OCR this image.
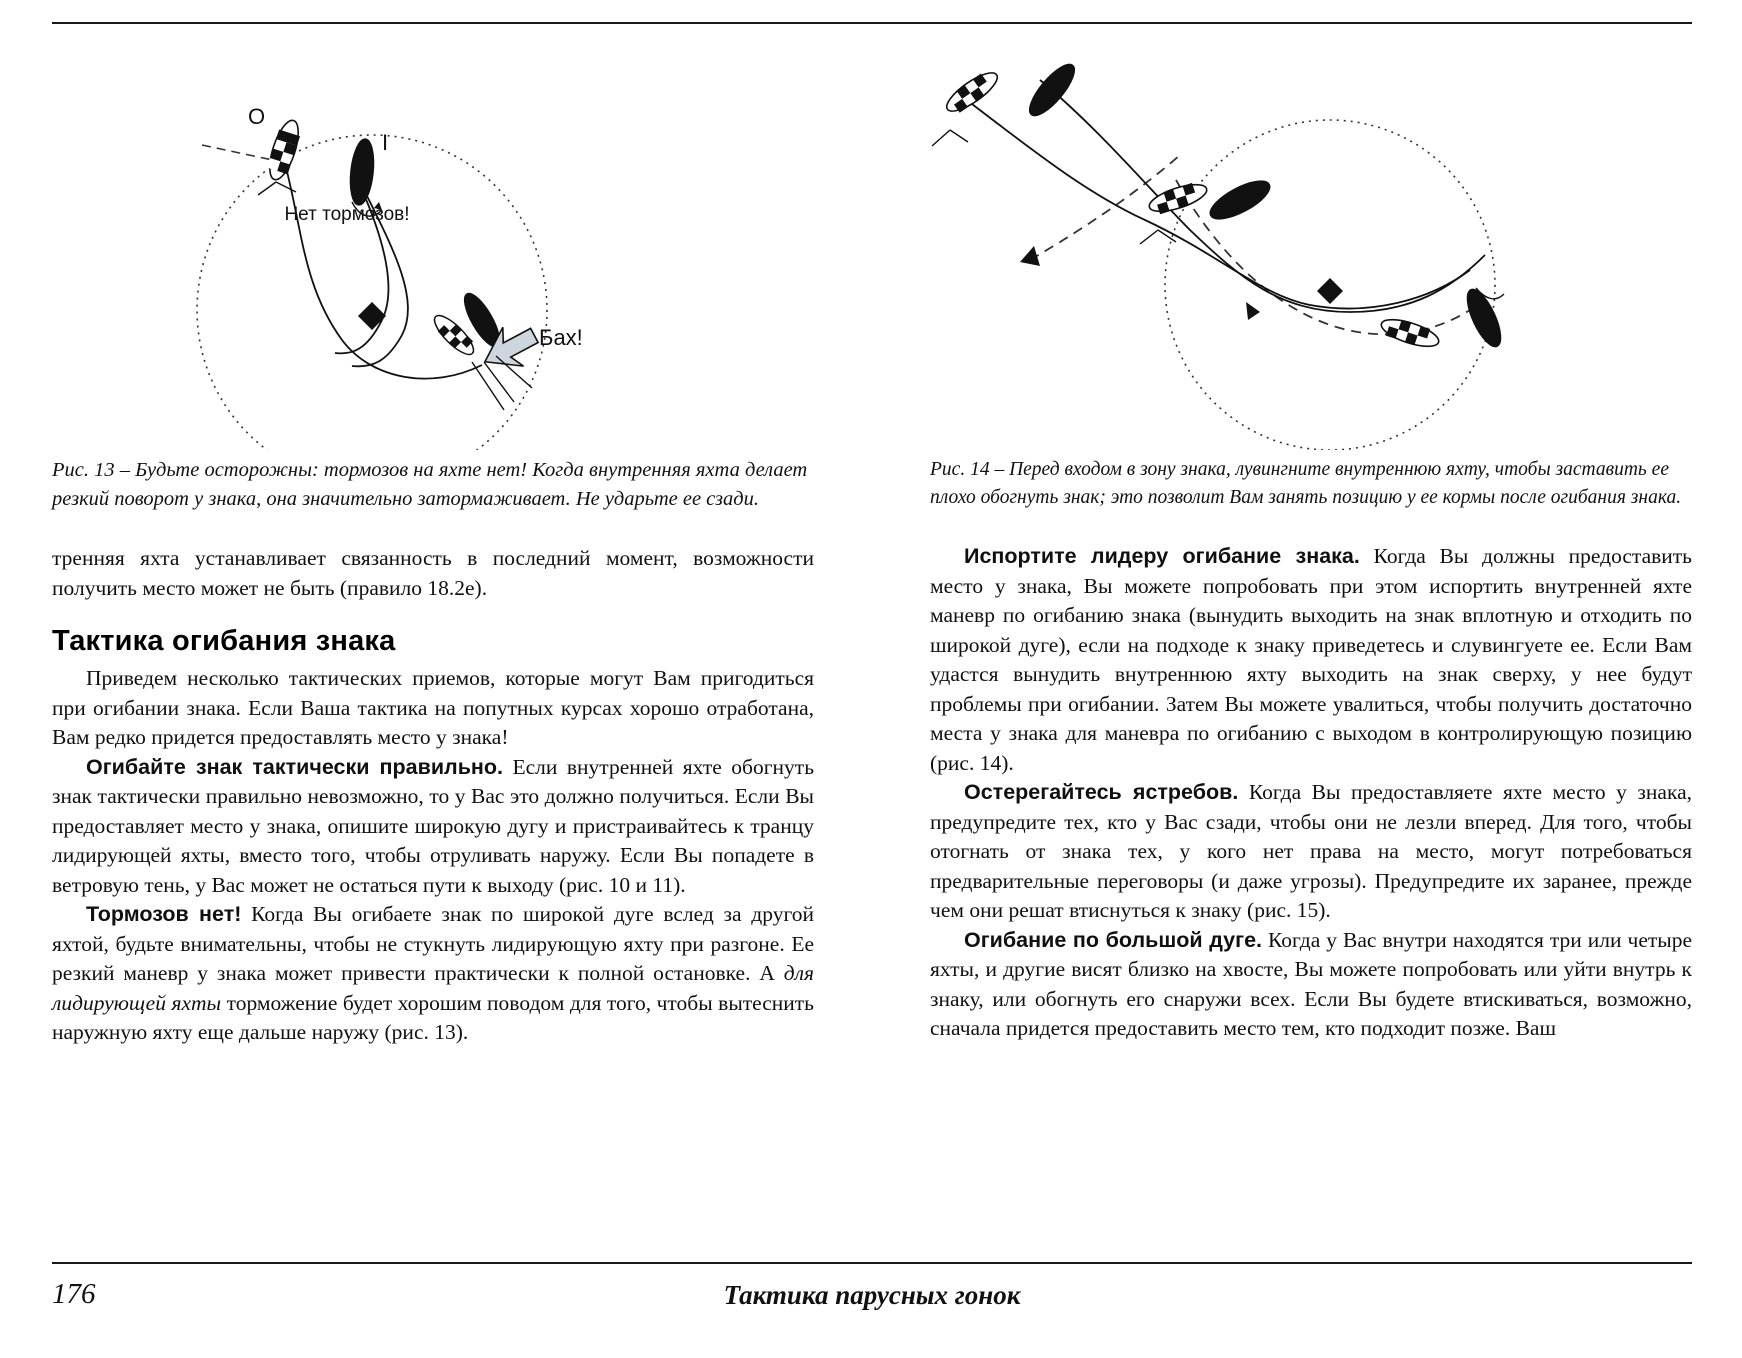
O
I
Нет тормозов!
Бах!
Рис. 13 – Будьте осторожны: тормозов на яхте нет! Когда внутренняя яхта делает резкий поворот у знака, она значительно затормаживает. Не ударьте ее сзади.

тренняя яхта устанавливает связанность в последний момент, возможности получить место может не быть (правило 18.2е).

Тактика огибания знака

Приведем несколько тактических приемов, которые могут Вам пригодиться при огибании знака. Если Ваша тактика на попутных курсах хорошо отработана, Вам редко придется предоставлять место у знака!

Огибайте знак тактически правильно. Если внутренней яхте обогнуть знак тактически правильно невозможно, то у Вас это должно получиться. Если Вы предоставляет место у знака, опишите широкую дугу и пристраивайтесь к транцу лидирующей яхты, вместо того, чтобы отруливать наружу. Если Вы попадете в ветровую тень, у Вас может не остаться пути к выходу (рис. 10 и 11).

Тормозов нет! Когда Вы огибаете знак по широкой дуге вслед за другой яхтой, будьте внимательны, чтобы не стукнуть лидирующую яхту при разгоне. Ее резкий маневр у знака может привести практически к полной остановке. А для лидирующей яхты торможение будет хорошим поводом для того, чтобы вытеснить наружную яхту еще дальше наружу (рис. 13).

Рис. 14 – Перед входом в зону знака, лувингните внутреннюю яхту, чтобы заставить ее плохо обогнуть знак; это позволит Вам занять позицию у ее кормы после огибания знака.

Испортите лидеру огибание знака. Когда Вы должны предоставить место у знака, Вы можете попробовать при этом испортить внутренней яхте маневр по огибанию знака (вынудить выходить на знак вплотную и отходить по широкой дуге), если на подходе к знаку приведетесь и слувингуете ее. Если Вам удастся вынудить внутреннюю яхту выходить на знак сверху, у нее будут проблемы при огибании. Затем Вы можете увалиться, чтобы получить достаточно места у знака для маневра по огибанию с выходом в контролирующую позицию (рис. 14).

Остерегайтесь ястребов. Когда Вы предоставляете яхте место у знака, предупредите тех, кто у Вас сзади, чтобы они не лезли вперед. Для того, чтобы отогнать от знака тех, у кого нет права на место, могут потребоваться предварительные переговоры (и даже угрозы). Предупредите их заранее, прежде чем они решат втиснуться к знаку (рис. 15).

Огибание по большой дуге. Когда у Вас внутри находятся три или четыре яхты, и другие висят близко на хвосте, Вы можете попробовать или уйти внутрь к знаку, или обогнуть его снаружи всех. Если Вы будете втискиваться, возможно, сначала придется предоставить место тем, кто подходит позже. Ваш

176	Тактика парусных гонок
